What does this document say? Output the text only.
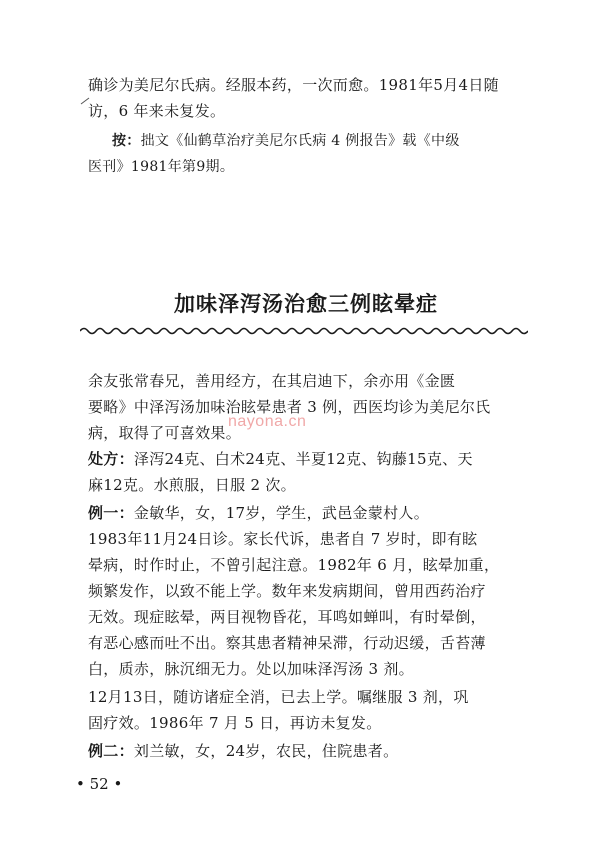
确诊为美尼尔氏病。经服本药，一次而愈。1981年5月4日随
访，6 年来未复发。

按：拙文《仙鹤草治疗美尼尔氏病 4 例报告》载《中级
医刊》1981年第9期。

加味泽泻汤治愈三例眩晕症

余友张常春兄，善用经方，在其启迪下，余亦用《金匮
要略》中泽泻汤加味治眩晕患者 3 例，西医均诊为美尼尔氏
病，取得了可喜效果。

处方：泽泻24克、白术24克、半夏12克、钩藤15克、天
麻12克。水煎服，日服 2 次。

例一：金敏华，女，17岁，学生，武邑金蒙村人。

1983年11月24日诊。家长代诉，患者自 7 岁时，即有眩
晕病，时作时止，不曾引起注意。1982年 6 月，眩晕加重，
频繁发作，以致不能上学。数年来发病期间，曾用西药治疗
无效。现症眩晕，两目视物昏花，耳鸣如蝉叫，有时晕倒，
有恶心感而吐不出。察其患者精神呆滞，行动迟缓，舌苔薄
白，质赤，脉沉细无力。处以加味泽泻汤 3 剂。

12月13日，随访诸症全消，已去上学。嘱继服 3 剂，巩
固疗效。1986年 7 月 5 日，再访未复发。

例二：刘兰敏，女，24岁，农民，住院患者。

• 52 •
nayona.cn
